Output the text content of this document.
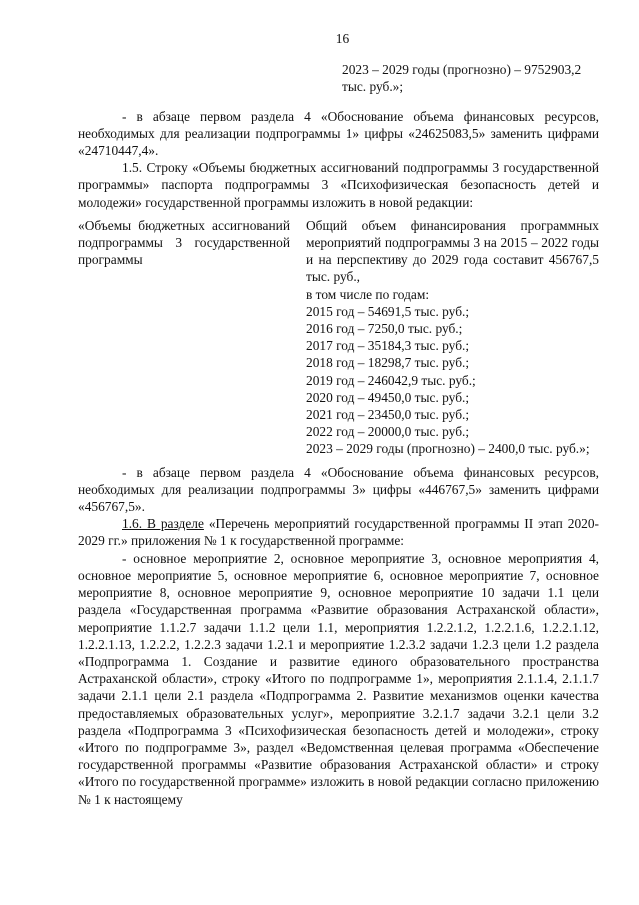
16
2023 – 2029 годы (прогнозно) – 9752903,2
тыс. руб.»;

- в абзаце первом раздела 4 «Обоснование объема финансовых ресурсов, необходимых для реализации подпрограммы 1» цифры «24625083,5» заменить цифрами «24710447,4».

1.5. Строку «Объемы бюджетных ассигнований подпрограммы 3 государственной программы» паспорта подпрограммы 3 «Психофизическая безопасность детей и молодежи» государственной программы изложить в новой редакции:

«Объемы бюджетных ассигнований подпрограммы 3 государственной программы
Общий объем финансирования программных мероприятий подпрограммы 3 на 2015 – 2022 годы и на перспективу до 2029 года составит 456767,5 тыс. руб.,
в том числе по годам:
2015 год – 54691,5 тыс. руб.;
2016 год – 7250,0 тыс. руб.;
2017 год – 35184,3 тыс. руб.;
2018 год – 18298,7 тыс. руб.;
2019 год – 246042,9 тыс. руб.;
2020 год – 49450,0 тыс. руб.;
2021 год – 23450,0 тыс. руб.;
2022 год – 20000,0 тыс. руб.;
2023 – 2029 годы (прогнозно) – 2400,0 тыс. руб.»;

- в абзаце первом раздела 4 «Обоснование объема финансовых ресурсов, необходимых для реализации подпрограммы 3» цифры «446767,5» заменить цифрами «456767,5».

1.6. В разделе «Перечень мероприятий государственной программы II этап 2020-2029 гг.» приложения № 1 к государственной программе:

- основное мероприятие 2, основное мероприятие 3, основное мероприятия 4, основное мероприятие 5, основное мероприятие 6, основное мероприятие 7, основное мероприятие 8, основное мероприятие 9, основное мероприятие 10 задачи 1.1 цели раздела «Государственная программа «Развитие образования Астраханской области», мероприятие 1.1.2.7 задачи 1.1.2 цели 1.1, мероприятия 1.2.2.1.2, 1.2.2.1.6, 1.2.2.1.12, 1.2.2.1.13, 1.2.2.2, 1.2.2.3 задачи 1.2.1 и мероприятие 1.2.3.2 задачи 1.2.3 цели 1.2 раздела «Подпрограмма 1. Создание и развитие единого образовательного пространства Астраханской области», строку «Итого по подпрограмме 1», мероприятия 2.1.1.4, 2.1.1.7 задачи 2.1.1 цели 2.1 раздела «Подпрограмма 2. Развитие механизмов оценки качества предоставляемых образовательных услуг», мероприятие 3.2.1.7 задачи 3.2.1 цели 3.2 раздела «Подпрограмма 3 «Психофизическая безопасность детей и молодежи», строку «Итого по подпрограмме 3», раздел «Ведомственная целевая программа «Обеспечение государственной программы «Развитие образования Астраханской области» и строку «Итого по государственной программе» изложить в новой редакции согласно приложению № 1 к настоящему
